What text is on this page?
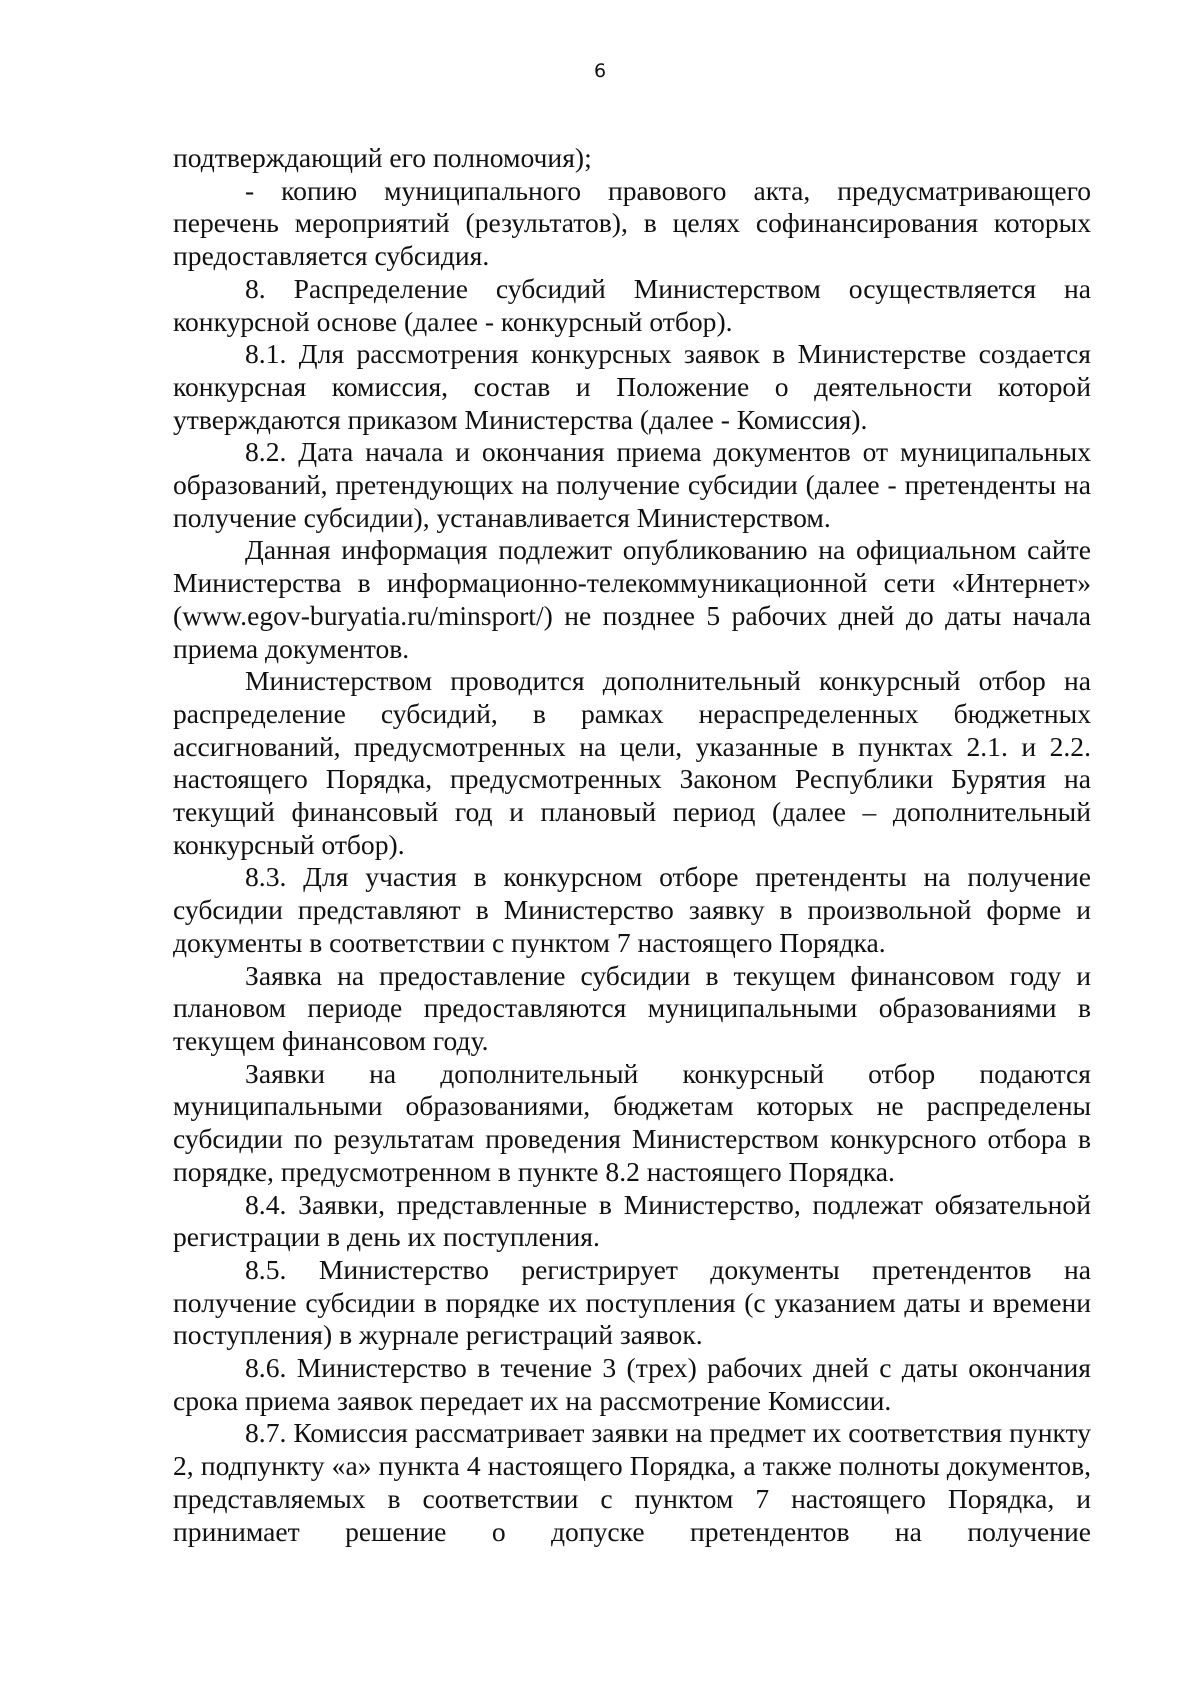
6

подтверждающий его полномочия);

- копию муниципального правового акта, предусматривающего перечень мероприятий (результатов), в целях софинансирования которых предоставляется субсидия.

8. Распределение субсидий Министерством осуществляется на конкурсной основе (далее - конкурсный отбор).

8.1. Для рассмотрения конкурсных заявок в Министерстве создается конкурсная комиссия, состав и Положение о деятельности которой утверждаются приказом Министерства (далее - Комиссия).

8.2. Дата начала и окончания приема документов от муниципальных образований, претендующих на получение субсидии (далее - претенденты на получение субсидии), устанавливается Министерством.

Данная информация подлежит опубликованию на официальном сайте Министерства в информационно-телекоммуникационной сети «Интернет» (www.egov-buryatia.ru/minsport/) не позднее 5 рабочих дней до даты начала приема документов.

Министерством проводится дополнительный конкурсный отбор на распределение субсидий, в рамках нераспределенных бюджетных ассигнований, предусмотренных на цели, указанные в пунктах 2.1. и 2.2. настоящего Порядка, предусмотренных Законом Республики Бурятия на текущий финансовый год и плановый период (далее – дополнительный конкурсный отбор).

8.3. Для участия в конкурсном отборе претенденты на получение субсидии представляют в Министерство заявку в произвольной форме и документы в соответствии с пунктом 7 настоящего Порядка.

Заявка на предоставление субсидии в текущем финансовом году и плановом периоде предоставляются муниципальными образованиями в текущем финансовом году.

Заявки на дополнительный конкурсный отбор подаются муниципальными образованиями, бюджетам которых не распределены субсидии по результатам проведения Министерством конкурсного отбора в порядке, предусмотренном в пункте 8.2 настоящего Порядка.

8.4. Заявки, представленные в Министерство, подлежат обязательной регистрации в день их поступления.

8.5. Министерство регистрирует документы претендентов на получение субсидии в порядке их поступления (с указанием даты и времени поступления) в журнале регистраций заявок.

8.6. Министерство в течение 3 (трех) рабочих дней с даты окончания срока приема заявок передает их на рассмотрение Комиссии.

8.7. Комиссия рассматривает заявки на предмет их соответствия пункту 2, подпункту «а» пункта 4 настоящего Порядка, а также полноты документов, представляемых в соответствии с пунктом 7 настоящего Порядка, и принимает решение о допуске претендентов на получение
